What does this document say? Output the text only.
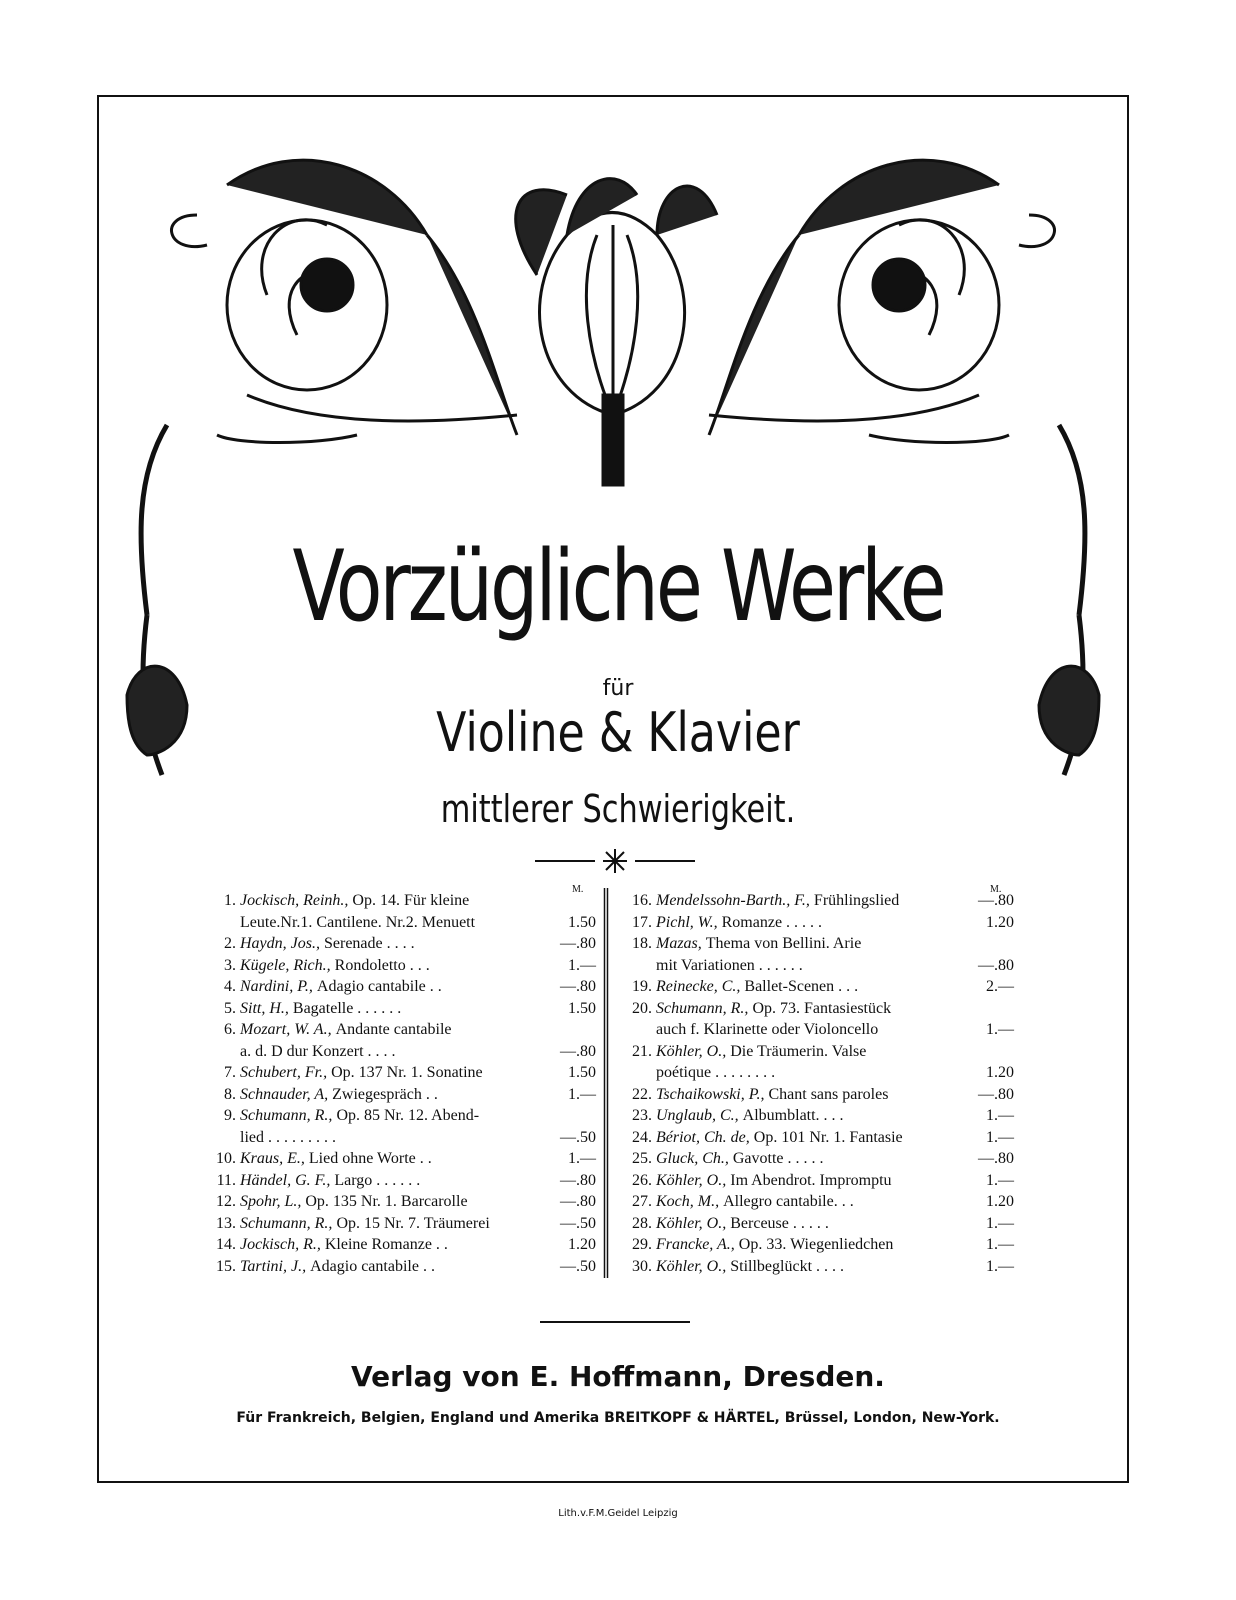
Vorzügliche Werke
für
Violine & Klavier
mittlerer Schwierigkeit.
M.
1. Jockisch, Reinh., Op. 14. Für kleine
Leute.Nr.1. Cantilene. Nr.2. Menuett	1.50
2. Haydn, Jos., Serenade . . . .	—.80
3. Kügele, Rich., Rondoletto . . .	1.—
4. Nardini, P., Adagio cantabile . .	—.80
5. Sitt, H., Bagatelle . . . . . .	1.50
6. Mozart, W. A., Andante cantabile
a. d. D dur Konzert . . . .	—.80
7. Schubert, Fr., Op. 137 Nr. 1. Sonatine	1.50
8. Schnauder, A, Zwiegespräch . .	1.—
9. Schumann, R., Op. 85 Nr. 12. Abend-
lied . . . . . . . . .	—.50
10. Kraus, E., Lied ohne Worte . .	1.—
11. Händel, G. F., Largo . . . . . .	—.80
12. Spohr, L., Op. 135 Nr. 1. Barcarolle	—.80
13. Schumann, R., Op. 15 Nr. 7. Träumerei	—.50
14. Jockisch, R., Kleine Romanze . .	1.20
15. Tartini, J., Adagio cantabile . .	—.50
M.
16. Mendelssohn-Barth., F., Frühlingslied	—.80
17. Pichl, W., Romanze . . . . .	1.20
18. Mazas, Thema von Bellini. Arie
mit Variationen . . . . . .	—.80
19. Reinecke, C., Ballet-Scenen . . .	2.—
20. Schumann, R., Op. 73. Fantasiestück
auch f. Klarinette oder Violoncello	1.—
21. Köhler, O., Die Träumerin. Valse
poétique . . . . . . . .	1.20
22. Tschaikowski, P., Chant sans paroles	—.80
23. Unglaub, C., Albumblatt. . . .	1.—
24. Bériot, Ch. de, Op. 101 Nr. 1. Fantasie	1.—
25. Gluck, Ch., Gavotte . . . . .	—.80
26. Köhler, O., Im Abendrot. Impromptu	1.—
27. Koch, M., Allegro cantabile. . .	1.20
28. Köhler, O., Berceuse . . . . .	1.—
29. Francke, A., Op. 33. Wiegenliedchen	1.—
30. Köhler, O., Stillbeglückt . . . .	1.—
Verlag von E. Hoffmann, Dresden.
Für Frankreich, Belgien, England und Amerika BREITKOPF & HÄRTEL, Brüssel, London, New-York.
Lith.v.F.M.Geidel Leipzig
